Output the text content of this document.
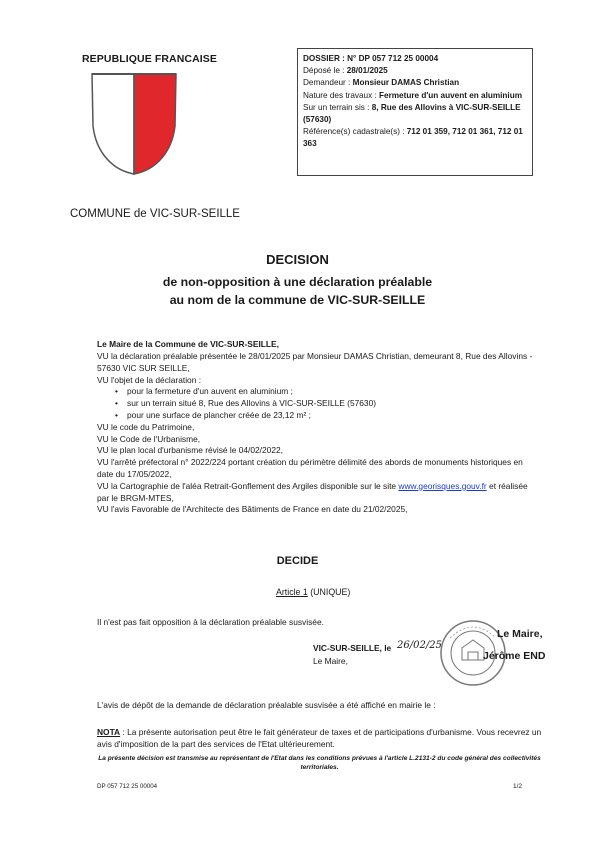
REPUBLIQUE FRANCAISE
COMMUNE de VIC-SUR-SEILLE
DOSSIER : N° DP 057 712 25 00004
Déposé le : 28/01/2025
Demandeur : Monsieur DAMAS Christian
Nature des travaux : Fermeture d'un auvent en aluminium
Sur un terrain sis : 8, Rue des Allovins à VIC-SUR-SEILLE (57630)
Référence(s) cadastrale(s) : 712 01 359, 712 01 361, 712 01 363
DECISION
de non-opposition à une déclaration préalable
au nom de la commune de VIC-SUR-SEILLE
Le Maire de la Commune de VIC-SUR-SEILLE,
VU la déclaration préalable présentée le 28/01/2025 par Monsieur DAMAS Christian, demeurant 8, Rue des Allovins - 57630 VIC SUR SEILLE,
VU l'objet de la déclaration :
• pour la fermeture d'un auvent en aluminium ;
• sur un terrain situé 8, Rue des Allovins à VIC-SUR-SEILLE (57630)
• pour une surface de plancher créée de 23,12 m² ;
VU le code du Patrimoine,
VU le Code de l'Urbanisme,
VU le plan local d'urbanisme révisé le 04/02/2022,
VU l'arrêté préfectoral n° 2022/224 portant création du périmètre délimité des abords de monuments historiques en date du 17/05/2022,
VU la Cartographie de l'aléa Retrait-Gonflement des Argiles disponible sur le site www.georisques.gouv.fr et réalisée par le BRGM-MTES,
VU l'avis Favorable de l'Architecte des Bâtiments de France en date du 21/02/2025,
DECIDE
Article 1 (UNIQUE)
Il n'est pas fait opposition à la déclaration préalable susvisée.
VIC-SUR-SEILLE, le 26/02/25
Le Maire,
Le Maire,
Jérôme END
L'avis de dépôt de la demande de déclaration préalable susvisée a été affiché en mairie le :
NOTA : La présente autorisation peut être le fait générateur de taxes et de participations d'urbanisme. Vous recevrez un avis d'imposition de la part des services de l'Etat ultérieurement.
La présente décision est transmise au représentant de l'Etat dans les conditions prévues à l'article L.2131-2 du code général des collectivités territoriales.
DP 057 712 25 00004	1/2
